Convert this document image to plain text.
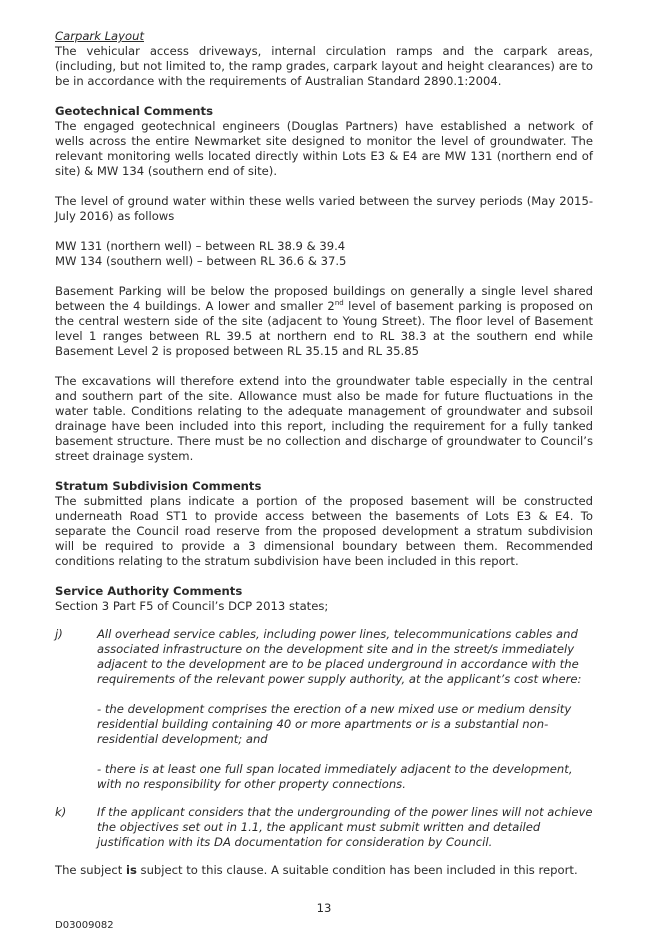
Carpark Layout

The vehicular access driveways, internal circulation ramps and the carpark areas, (including, but not limited to, the ramp grades, carpark layout and height clearances) are to be in accordance with the requirements of Australian Standard 2890.1:2004.

Geotechnical Comments

The engaged geotechnical engineers (Douglas Partners) have established a network of wells across the entire Newmarket site designed to monitor the level of groundwater. The relevant monitoring wells located directly within Lots E3 & E4 are MW 131 (northern end of site) & MW 134 (southern end of site).

The level of ground water within these wells varied between the survey periods (May 2015-July 2016) as follows

MW 131 (northern well) – between RL 38.9 & 39.4

MW 134 (southern well) – between RL 36.6 & 37.5

Basement Parking will be below the proposed buildings on generally a single level shared between the 4 buildings. A lower and smaller 2nd level of basement parking is proposed on the central western side of the site (adjacent to Young Street). The floor level of Basement level 1 ranges between RL 39.5 at northern end to RL 38.3 at the southern end while Basement Level 2 is proposed between RL 35.15 and RL 35.85

The excavations will therefore extend into the groundwater table especially in the central and southern part of the site. Allowance must also be made for future fluctuations in the water table. Conditions relating to the adequate management of groundwater and subsoil drainage have been included into this report, including the requirement for a fully tanked basement structure. There must be no collection and discharge of groundwater to Council’s street drainage system.

Stratum Subdivision Comments

The submitted plans indicate a portion of the proposed basement will be constructed underneath Road ST1 to provide access between the basements of Lots E3 & E4. To separate the Council road reserve from the proposed development a stratum subdivision will be required to provide a 3 dimensional boundary between them. Recommended conditions relating to the stratum subdivision have been included in this report.

Service Authority Comments

Section 3 Part F5 of Council’s DCP 2013 states;

j)	All overhead service cables, including power lines, telecommunications cables and associated infrastructure on the development site and in the street/s immediately adjacent to the development are to be placed underground in accordance with the requirements of the relevant power supply authority, at the applicant’s cost where:

- the development comprises the erection of a new mixed use or medium density residential building containing 40 or more apartments or is a substantial non-residential development; and

- there is at least one full span located immediately adjacent to the development, with no responsibility for other property connections.

k)	If the applicant considers that the undergrounding of the power lines will not achieve the objectives set out in 1.1, the applicant must submit written and detailed justification with its DA documentation for consideration by Council.

The subject is subject to this clause. A suitable condition has been included in this report.

13
D03009082
